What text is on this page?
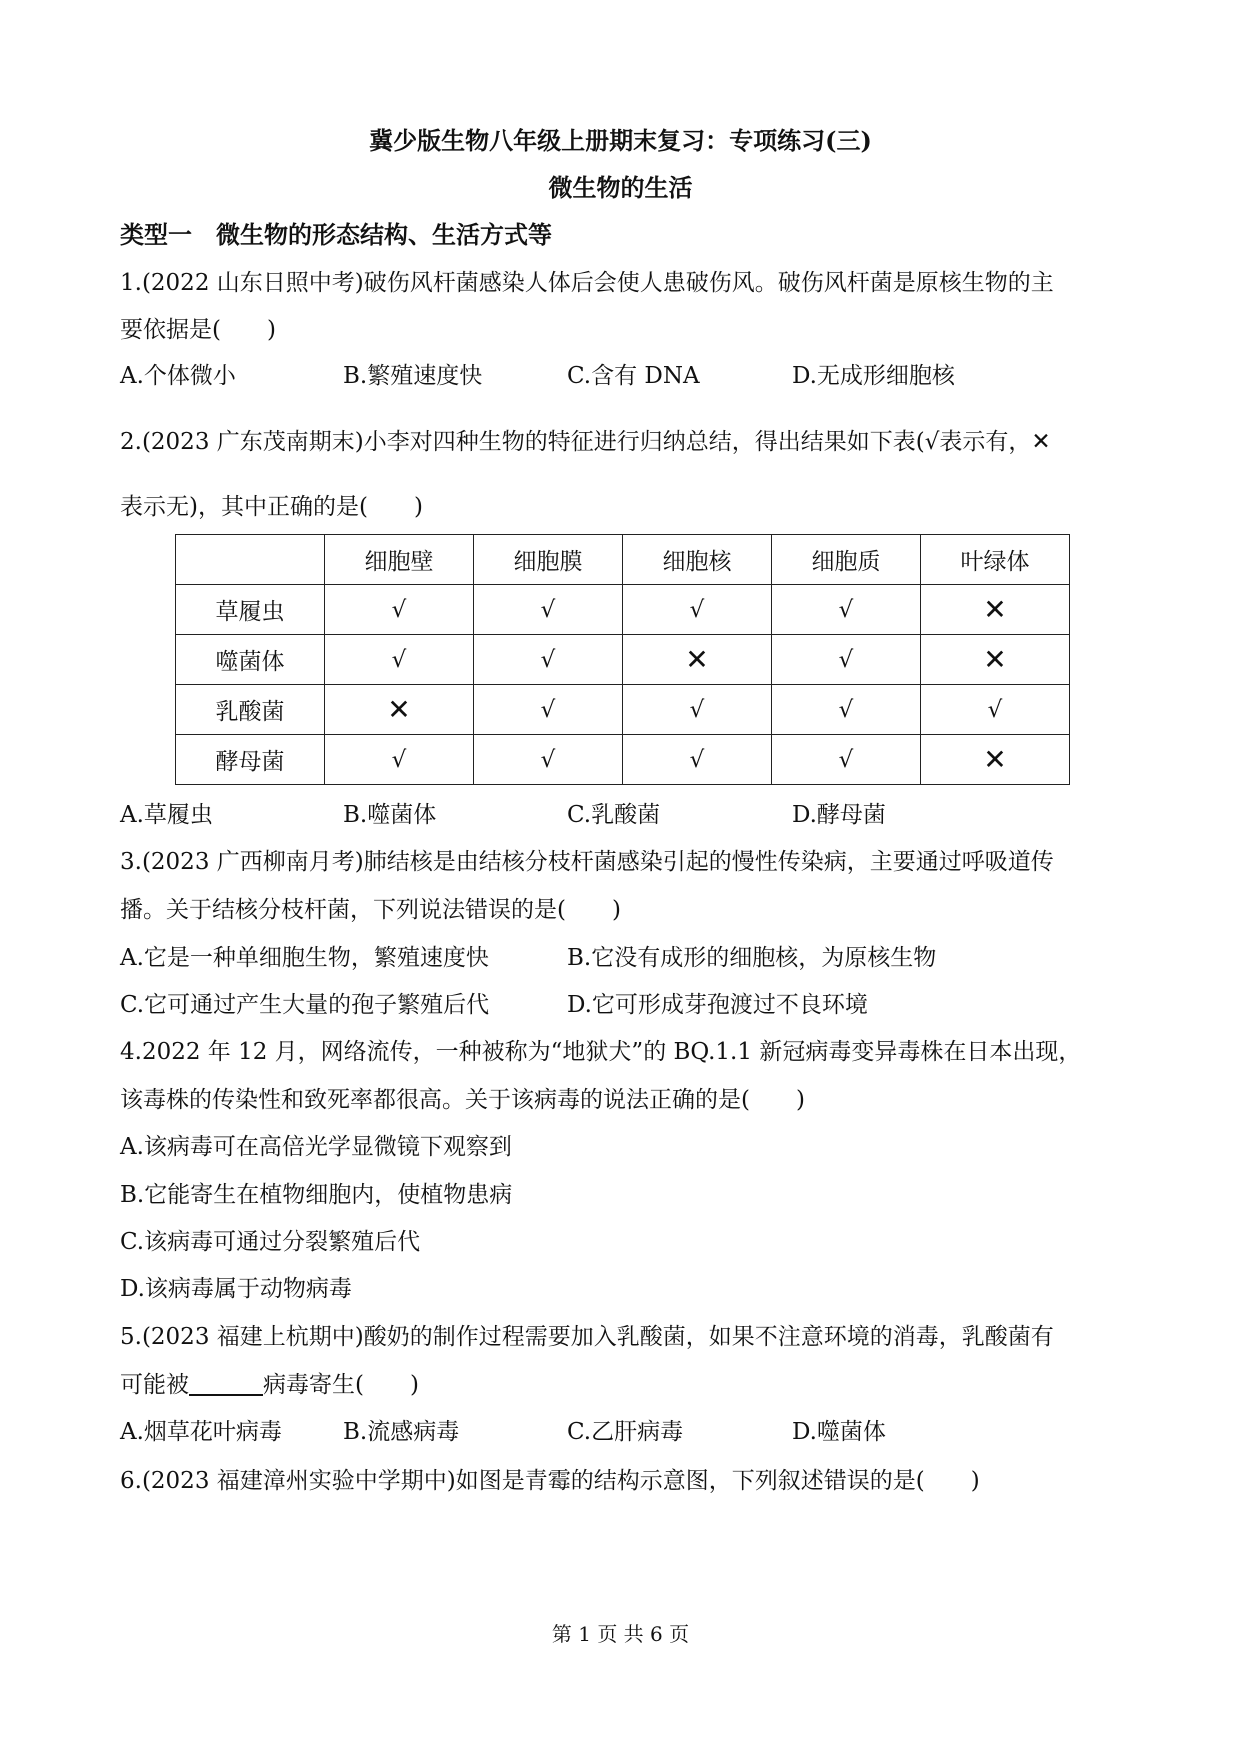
冀少版生物八年级上册期末复习：专项练习(三)
微生物的生活
类型一　微生物的形态结构、生活方式等
1.(2022 山东日照中考)破伤风杆菌感染人体后会使人患破伤风。破伤风杆菌是原核生物的主
要依据是(　　)
A.个体微小	B.繁殖速度快	C.含有 DNA	D.无成形细胞核
2.(2023 广东茂南期末)小李对四种生物的特征进行归纳总结，得出结果如下表(√表示有，✕
表示无)，其中正确的是(　　)
	细胞壁	细胞膜	细胞核	细胞质	叶绿体
草履虫	√	√	√	√	✕
噬菌体	√	√	✕	√	✕
乳酸菌	✕	√	√	√	√
酵母菌	√	√	√	√	✕
A.草履虫	B.噬菌体	C.乳酸菌	D.酵母菌
3.(2023 广西柳南月考)肺结核是由结核分枝杆菌感染引起的慢性传染病，主要通过呼吸道传
播。关于结核分枝杆菌，下列说法错误的是(　　)
A.它是一种单细胞生物，繁殖速度快	B.它没有成形的细胞核，为原核生物
C.它可通过产生大量的孢子繁殖后代	D.它可形成芽孢渡过不良环境
4.2022 年 12 月，网络流传，一种被称为“地狱犬”的 BQ.1.1 新冠病毒变异毒株在日本出现，
该毒株的传染性和致死率都很高。关于该病毒的说法正确的是(　　)
A.该病毒可在高倍光学显微镜下观察到
B.它能寄生在植物细胞内，使植物患病
C.该病毒可通过分裂繁殖后代
D.该病毒属于动物病毒
5.(2023 福建上杭期中)酸奶的制作过程需要加入乳酸菌，如果不注意环境的消毒，乳酸菌有
可能被	病毒寄生(　　)
A.烟草花叶病毒	B.流感病毒	C.乙肝病毒	D.噬菌体
6.(2023 福建漳州实验中学期中)如图是青霉的结构示意图，下列叙述错误的是(　　)
第 1 页 共 6 页
